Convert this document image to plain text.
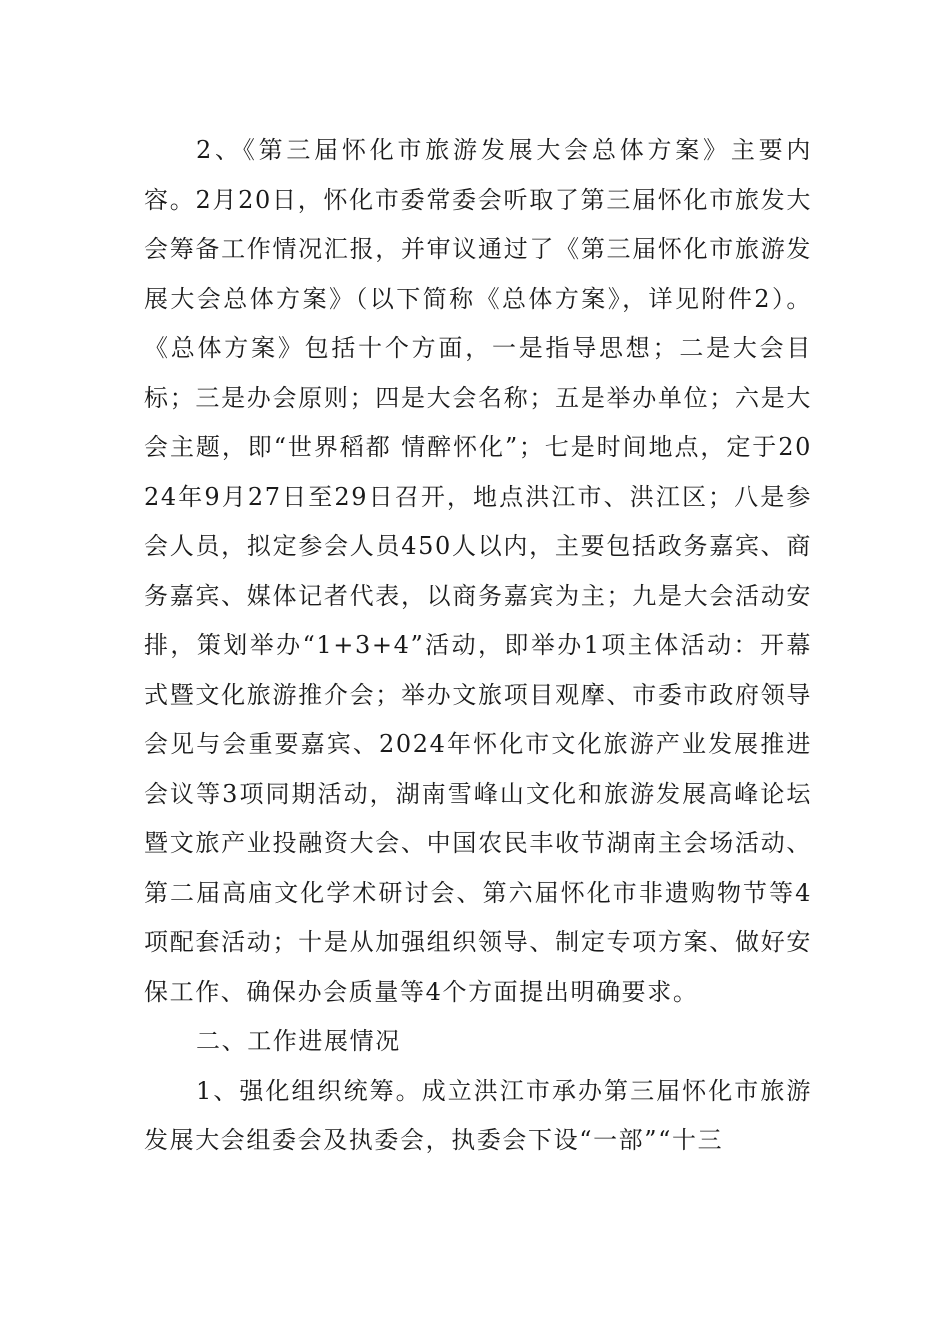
2、《第三届怀化市旅游发展大会总体方案》主要内容。2月20日，怀化市委常委会听取了第三届怀化市旅发大会筹备工作情况汇报，并审议通过了《第三届怀化市旅游发展大会总体方案》（以下简称《总体方案》，详见附件2）。《总体方案》包括十个方面，一是指导思想；二是大会目标；三是办会原则；四是大会名称；五是举办单位；六是大会主题，即“世界稻都 情醉怀化”；七是时间地点，定于2024年9月27日至29日召开，地点洪江市、洪江区；八是参会人员，拟定参会人员450人以内，主要包括政务嘉宾、商务嘉宾、媒体记者代表，以商务嘉宾为主；九是大会活动安排，策划举办“1+3+4”活动，即举办1项主体活动：开幕式暨文化旅游推介会；举办文旅项目观摩、市委市政府领导会见与会重要嘉宾、2024年怀化市文化旅游产业发展推进会议等3项同期活动，湖南雪峰山文化和旅游发展高峰论坛暨文旅产业投融资大会、中国农民丰收节湖南主会场活动、第二届高庙文化学术研讨会、第六届怀化市非遗购物节等4项配套活动；十是从加强组织领导、制定专项方案、做好安保工作、确保办会质量等4个方面提出明确要求。

二、工作进展情况

1、强化组织统筹。成立洪江市承办第三届怀化市旅游发展大会组委会及执委会，执委会下设“一部”“十三
